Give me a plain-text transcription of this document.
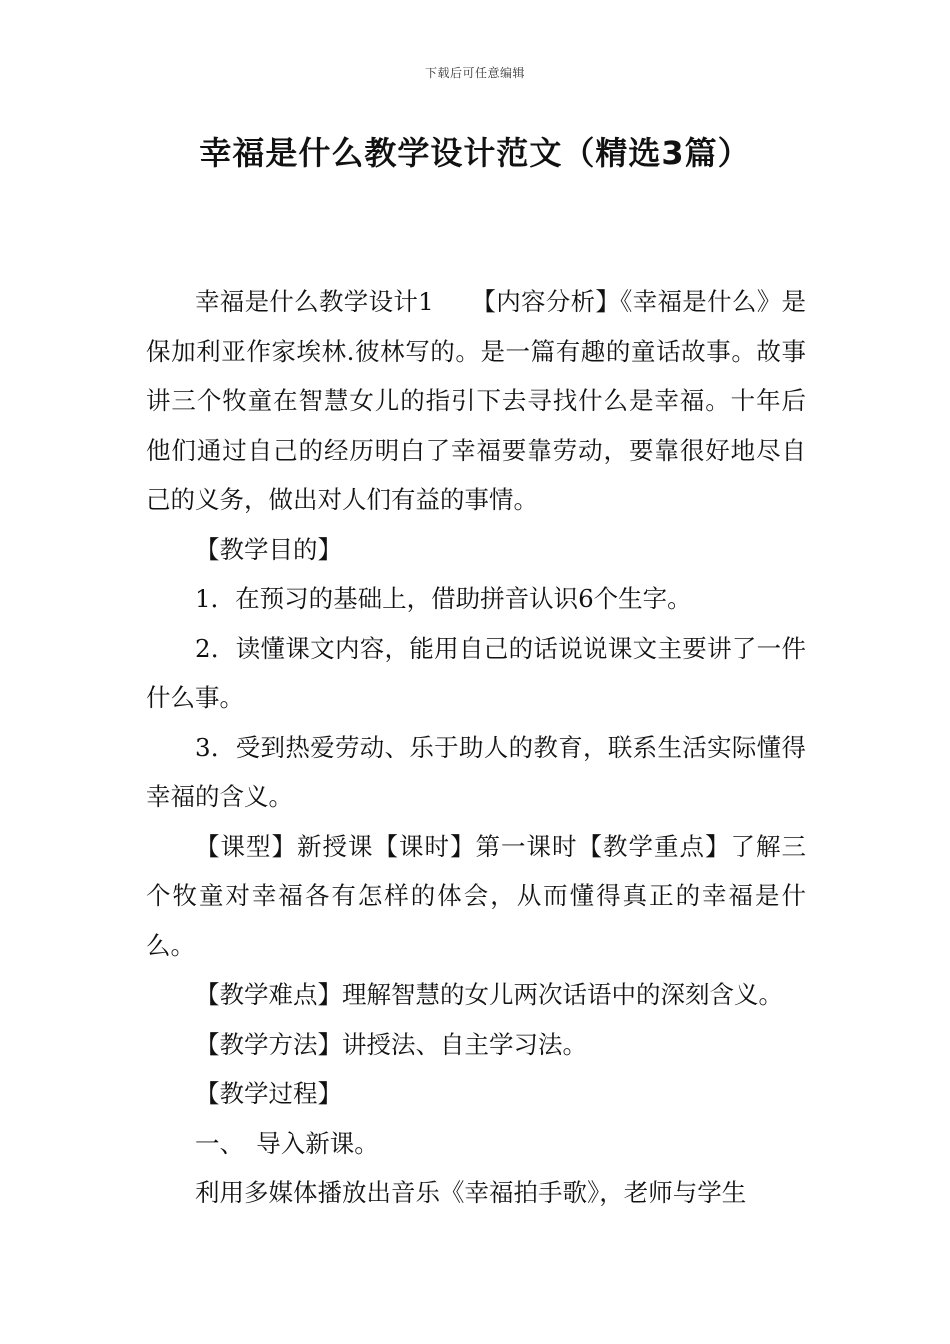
下载后可任意编辑
幸福是什么教学设计范文（精选3篇）

幸福是什么教学设计1　　【内容分析】《幸福是什么》是保加利亚作家埃林.彼林写的。是一篇有趣的童话故事。故事讲三个牧童在智慧女儿的指引下去寻找什么是幸福。十年后他们通过自己的经历明白了幸福要靠劳动，要靠很好地尽自己的义务，做出对人们有益的事情。

【教学目的】

1．在预习的基础上，借助拼音认识6个生字。

2．读懂课文内容，能用自己的话说说课文主要讲了一件什么事。

3．受到热爱劳动、乐于助人的教育，联系生活实际懂得幸福的含义。

【课型】新授课【课时】第一课时【教学重点】了解三个牧童对幸福各有怎样的体会，从而懂得真正的幸福是什么。

【教学难点】理解智慧的女儿两次话语中的深刻含义。

【教学方法】讲授法、自主学习法。

【教学过程】

一、　导入新课。

利用多媒体播放出音乐《幸福拍手歌》，老师与学生
